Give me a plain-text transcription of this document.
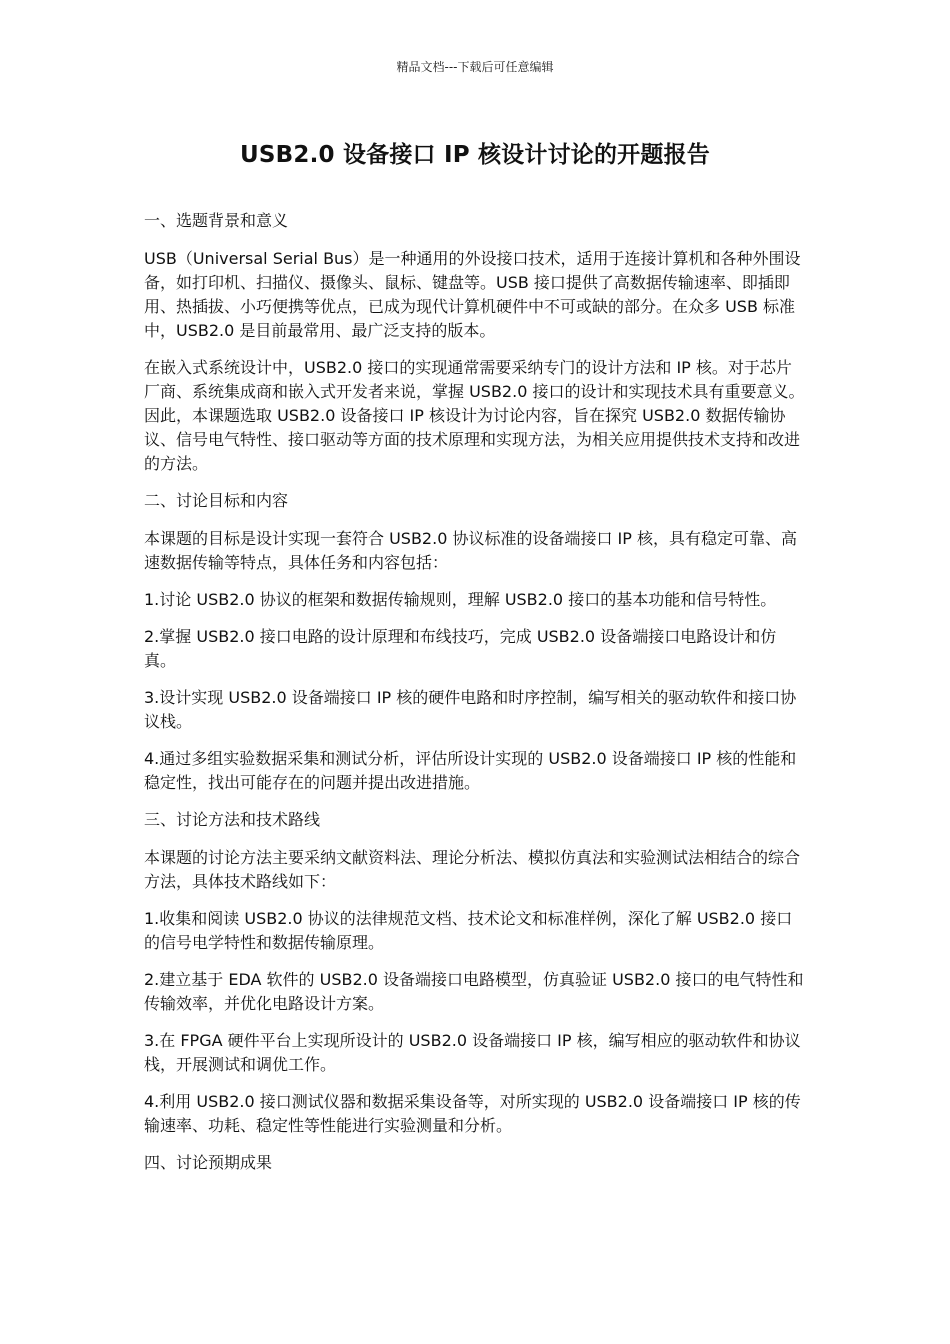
精品文档---下载后可任意编辑
USB2.0 设备接口 IP 核设计讨论的开题报告
一、选题背景和意义
USB（Universal Serial Bus）是一种通用的外设接口技术，适用于连接计算机和各种外围设备，如打印机、扫描仪、摄像头、鼠标、键盘等。USB 接口提供了高数据传输速率、即插即用、热插拔、小巧便携等优点，已成为现代计算机硬件中不可或缺的部分。在众多 USB 标准中，USB2.0 是目前最常用、最广泛支持的版本。
在嵌入式系统设计中，USB2.0 接口的实现通常需要采纳专门的设计方法和 IP 核。对于芯片厂商、系统集成商和嵌入式开发者来说，掌握 USB2.0 接口的设计和实现技术具有重要意义。因此，本课题选取 USB2.0 设备接口 IP 核设计为讨论内容，旨在探究 USB2.0 数据传输协议、信号电气特性、接口驱动等方面的技术原理和实现方法，为相关应用提供技术支持和改进的方法。
二、讨论目标和内容
本课题的目标是设计实现一套符合 USB2.0 协议标准的设备端接口 IP 核，具有稳定可靠、高速数据传输等特点，具体任务和内容包括：
1.讨论 USB2.0 协议的框架和数据传输规则，理解 USB2.0 接口的基本功能和信号特性。
2.掌握 USB2.0 接口电路的设计原理和布线技巧，完成 USB2.0 设备端接口电路设计和仿真。
3.设计实现 USB2.0 设备端接口 IP 核的硬件电路和时序控制，编写相关的驱动软件和接口协议栈。
4.通过多组实验数据采集和测试分析，评估所设计实现的 USB2.0 设备端接口 IP 核的性能和稳定性，找出可能存在的问题并提出改进措施。
三、讨论方法和技术路线
本课题的讨论方法主要采纳文献资料法、理论分析法、模拟仿真法和实验测试法相结合的综合方法，具体技术路线如下：
1.收集和阅读 USB2.0 协议的法律规范文档、技术论文和标准样例，深化了解 USB2.0 接口的信号电学特性和数据传输原理。
2.建立基于 EDA 软件的 USB2.0 设备端接口电路模型，仿真验证 USB2.0 接口的电气特性和传输效率，并优化电路设计方案。
3.在 FPGA 硬件平台上实现所设计的 USB2.0 设备端接口 IP 核，编写相应的驱动软件和协议栈，开展测试和调优工作。
4.利用 USB2.0 接口测试仪器和数据采集设备等，对所实现的 USB2.0 设备端接口 IP 核的传输速率、功耗、稳定性等性能进行实验测量和分析。
四、讨论预期成果
